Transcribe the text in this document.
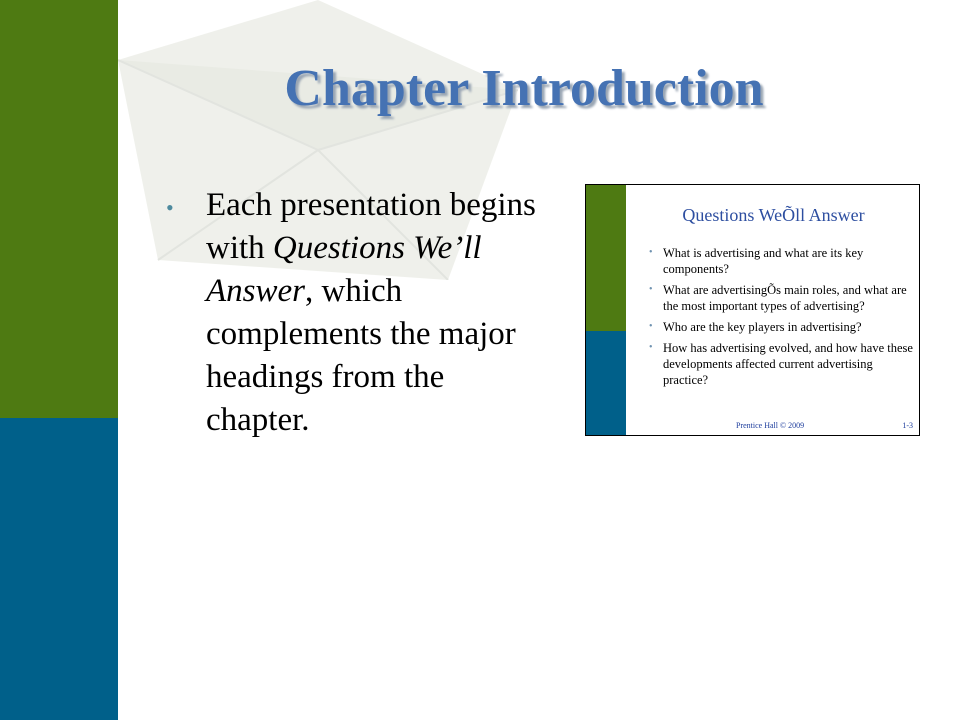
Chapter Introduction
• Each presentation begins with Questions We’ll Answer, which complements the major headings from the chapter.
Questions WeÕll Answer
• What is advertising and what are its key components?
• What are advertisingÕs main roles, and what are the most important types of advertising?
• Who are the key players in advertising?
• How has advertising evolved, and how have these developments affected current advertising practice?
Prentice Hall © 2009	1-3
